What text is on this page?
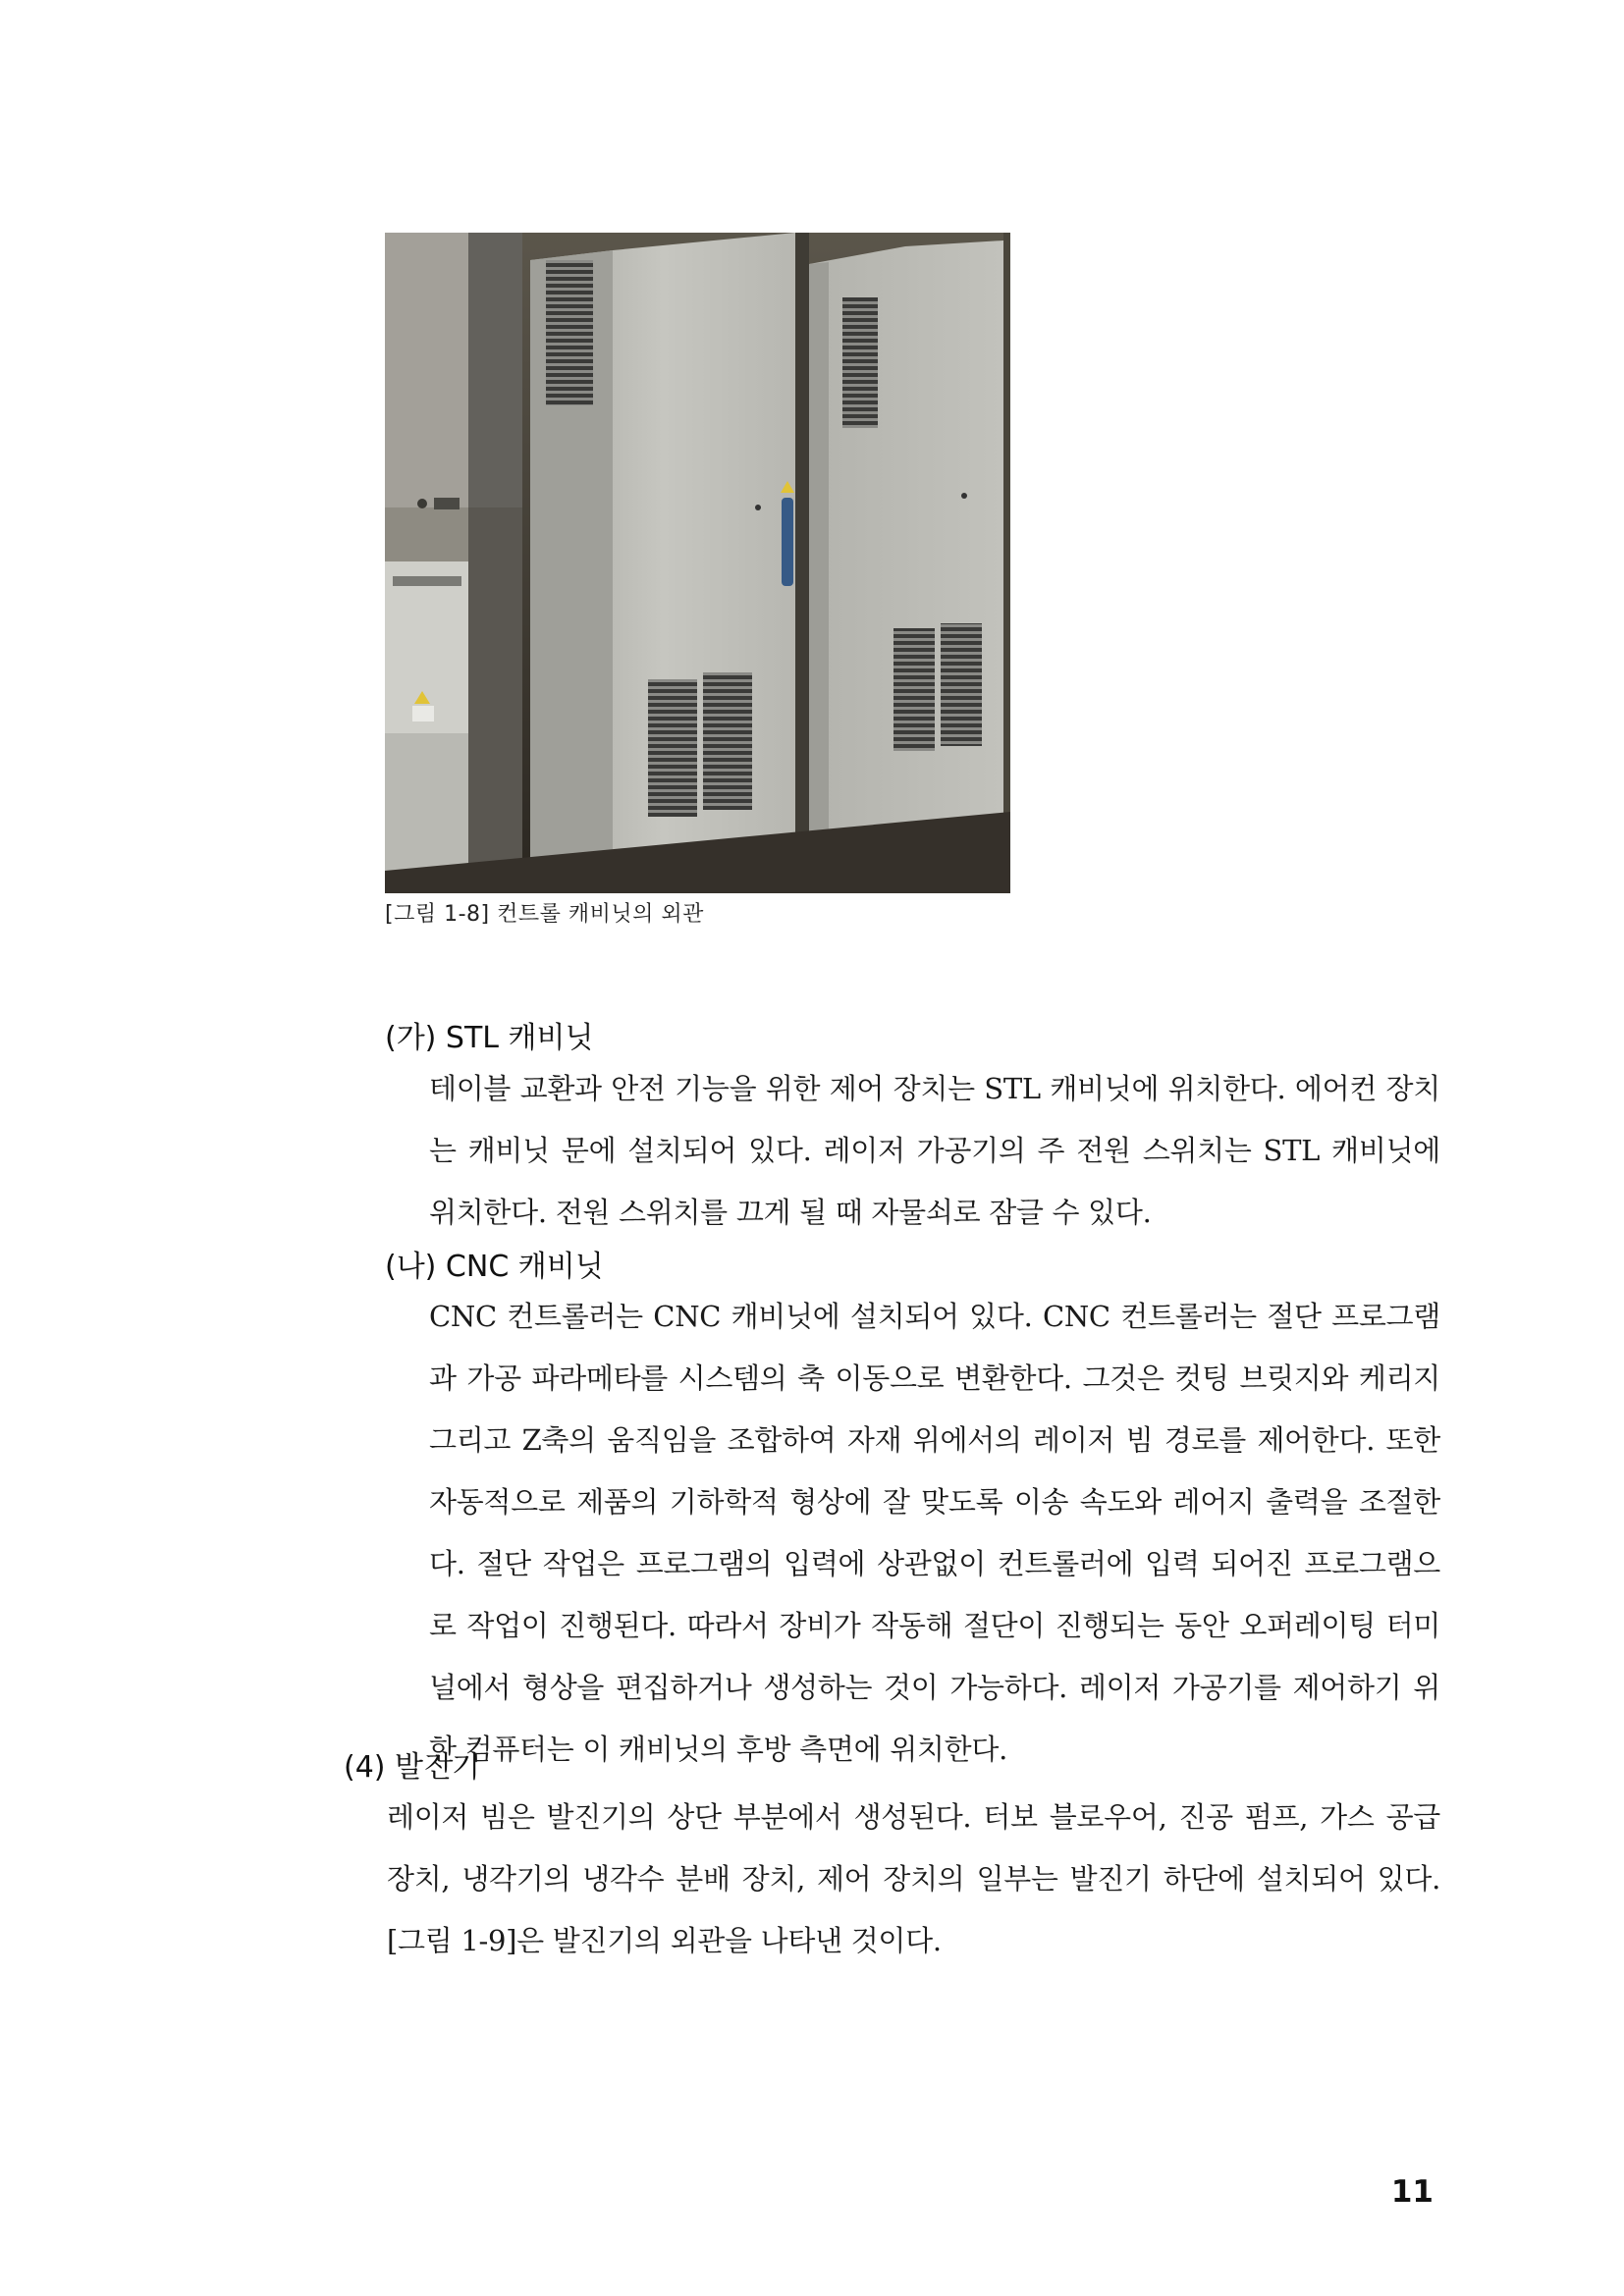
[그림 1-8] 컨트롤 캐비닛의 외관
(가) STL 캐비닛

테이블 교환과 안전 기능을 위한 제어 장치는 STL 캐비닛에 위치한다. 에어컨 장치는 캐비닛 문에 설치되어 있다. 레이저 가공기의 주 전원 스위치는 STL 캐비닛에 위치한다. 전원 스위치를 끄게 될 때 자물쇠로 잠글 수 있다.

(나) CNC 캐비닛

CNC 컨트롤러는 CNC 캐비닛에 설치되어 있다. CNC 컨트롤러는 절단 프로그램과 가공 파라메타를 시스템의 축 이동으로 변환한다. 그것은 컷팅 브릿지와 케리지 그리고 Z축의 움직임을 조합하여 자재 위에서의 레이저 빔 경로를 제어한다. 또한 자동적으로 제품의 기하학적 형상에 잘 맞도록 이송 속도와 레어지 출력을 조절한다. 절단 작업은 프로그램의 입력에 상관없이 컨트롤러에 입력 되어진 프로그램으로 작업이 진행된다. 따라서 장비가 작동해 절단이 진행되는 동안 오퍼레이팅 터미널에서 형상을 편집하거나 생성하는 것이 가능하다. 레이저 가공기를 제어하기 위한 컴퓨터는 이 캐비닛의 후방 측면에 위치한다.

(4) 발진기

레이저 빔은 발진기의 상단 부분에서 생성된다. 터보 블로우어, 진공 펌프, 가스 공급 장치, 냉각기의 냉각수 분배 장치, 제어 장치의 일부는 발진기 하단에 설치되어 있다. [그림 1-9]은 발진기의 외관을 나타낸 것이다.

11
